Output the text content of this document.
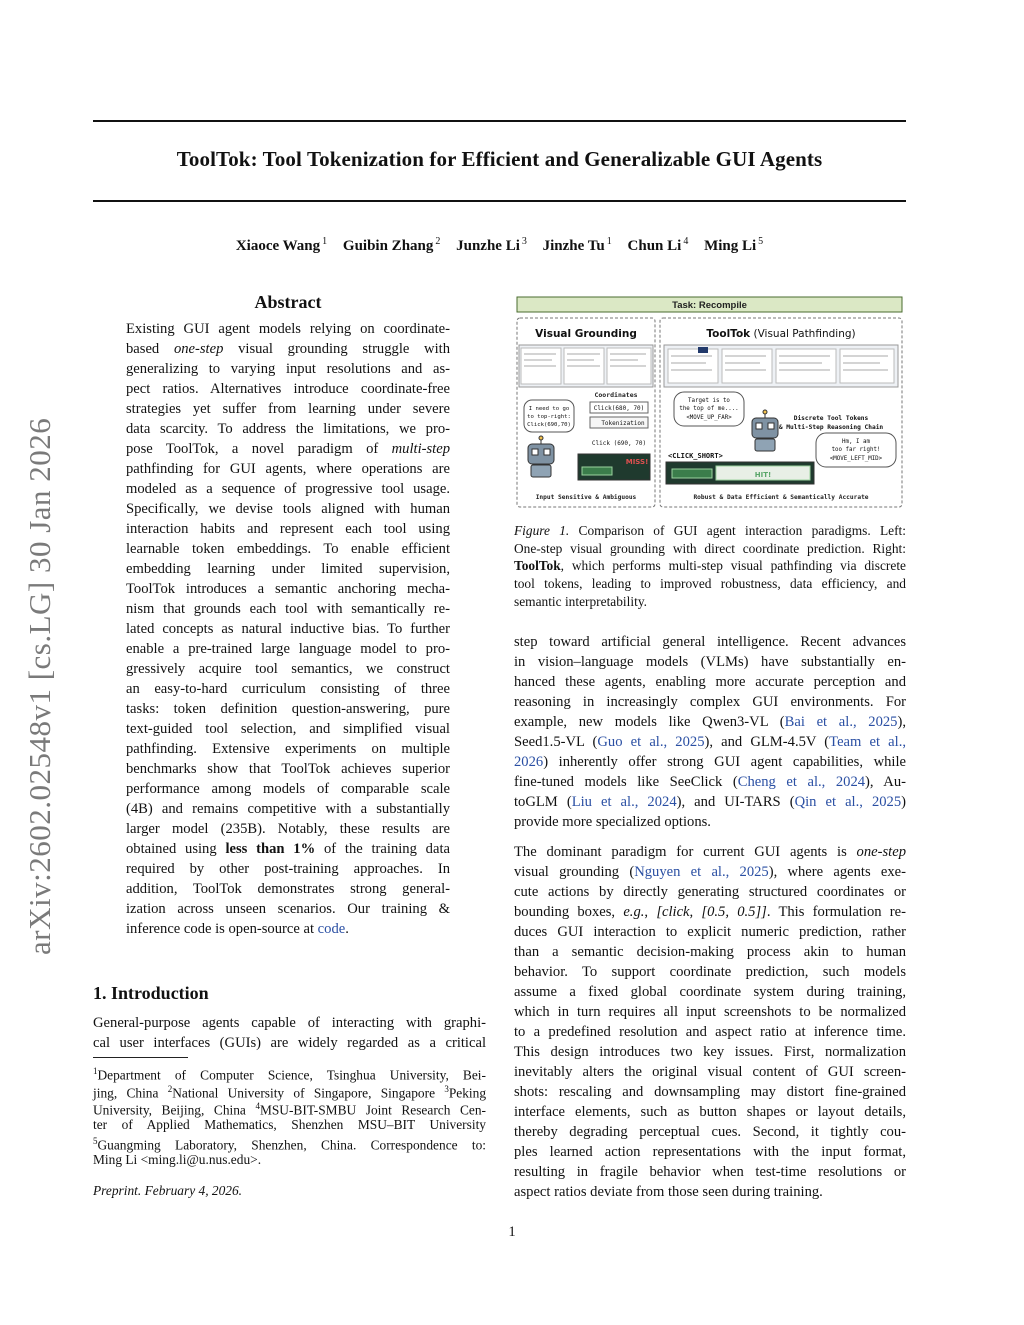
ToolTok: Tool Tokenization for Efficient and Generalizable GUI Agents
Xiaoce Wang $^1$ Guibin Zhang $^2$ Junzhe Li $^3$ Jinzhe Tu $^1$ Chun Li $^4$ Ming Li $^5$
arXiv:2602.02548v1 [cs.LG] 30 Jan 2026
Abstract
Existing GUI agent models relying on coordinate-
based one-step visual grounding struggle with
generalizing to varying input resolutions and as-
pect ratios. Alternatives introduce coordinate-free
strategies yet suffer from learning under severe
data scarcity. To address the limitations, we pro-
pose ToolTok, a novel paradigm of multi-step
pathfinding for GUI agents, where operations are
modeled as a sequence of progressive tool usage.
Specifically, we devise tools aligned with human
interaction habits and represent each tool using
learnable token embeddings. To enable efficient
embedding learning under limited supervision,
ToolTok introduces a semantic anchoring mecha-
nism that grounds each tool with semantically re-
lated concepts as natural inductive bias. To further
enable a pre-trained large language model to pro-
gressively acquire tool semantics, we construct
an easy-to-hard curriculum consisting of three
tasks: token definition question-answering, pure
text-guided tool selection, and simplified visual
pathfinding. Extensive experiments on multiple
benchmarks show that ToolTok achieves superior
performance among models of comparable scale
(4B) and remains competitive with a substantially
larger model (235B). Notably, these results are
obtained using less than 1% of the training data
required by other post-training approaches. In
addition, ToolTok demonstrates strong general-
ization across unseen scenarios. Our training &
inference code is open-source at code.
1. Introduction
General-purpose agents capable of interacting with graphi-
cal user interfaces (GUIs) are widely regarded as a critical
$^1$Department of Computer Science, Tsinghua University, Bei-
jing, China $^2$National University of Singapore, Singapore $^3$Peking
University, Beijing, China $^4$MSU-BIT-SMBU Joint Research Cen-
ter of Applied Mathematics, Shenzhen MSU–BIT University
$^5$Guangming Laboratory, Shenzhen, China. Correspondence to:
Ming Li <ming.li@u.nus.edu>.
Preprint. February 4, 2026.
1
Task: Recompile
Visual Grounding
Coordinates
I need to go
to top-right:
Click(690,70)
Click(680, 70)
Tokenization
Click (690, 70)
MISS!
Input Sensitive & Ambiguous
ToolTok (Visual Pathfinding)
Target is to
the top of me....
<MOVE_UP_FAR>	Discrete Tool Tokens
& Multi-Step Reasoning Chain
Hm, I am
too far right!
<MOVE_LEFT_MID>
<CLICK_SHORT>
HIT!
Robust & Data Efficient & Semantically Accurate
Figure 1. Comparison of GUI agent interaction paradigms. Left:
One-step visual grounding with direct coordinate prediction. Right:
ToolTok, which performs multi-step visual pathfinding via discrete
tool tokens, leading to improved robustness, data efficiency, and
semantic interpretability.
step toward artificial general intelligence. Recent advances
in vision–language models (VLMs) have substantially en-
hanced these agents, enabling more accurate perception and
reasoning in increasingly complex GUI environments. For
example, new models like Qwen3-VL (Bai et al., 2025),
Seed1.5-VL (Guo et al., 2025), and GLM-4.5V (Team et al.,
2026) inherently offer strong GUI agent capabilities, while
fine-tuned models like SeeClick (Cheng et al., 2024), Au-
toGLM (Liu et al., 2024), and UI-TARS (Qin et al., 2025)
provide more specialized options.
The dominant paradigm for current GUI agents is one-step
visual grounding (Nguyen et al., 2025), where agents exe-
cute actions by directly generating structured coordinates or
bounding boxes, e.g., [click, [0.5, 0.5]]. This formulation re-
duces GUI interaction to explicit numeric prediction, rather
than a semantic decision-making process akin to human
behavior. To support coordinate prediction, such models
assume a fixed global coordinate system during training,
which in turn requires all input screenshots to be normalized
to a predefined resolution and aspect ratio at inference time.
This design introduces two key issues. First, normalization
inevitably alters the original visual content of GUI screen-
shots: rescaling and downsampling may distort fine-grained
interface elements, such as button shapes or layout details,
thereby degrading perceptual cues. Second, it tightly cou-
ples learned action representations with the input format,
resulting in fragile behavior when test-time resolutions or
aspect ratios deviate from those seen during training.
